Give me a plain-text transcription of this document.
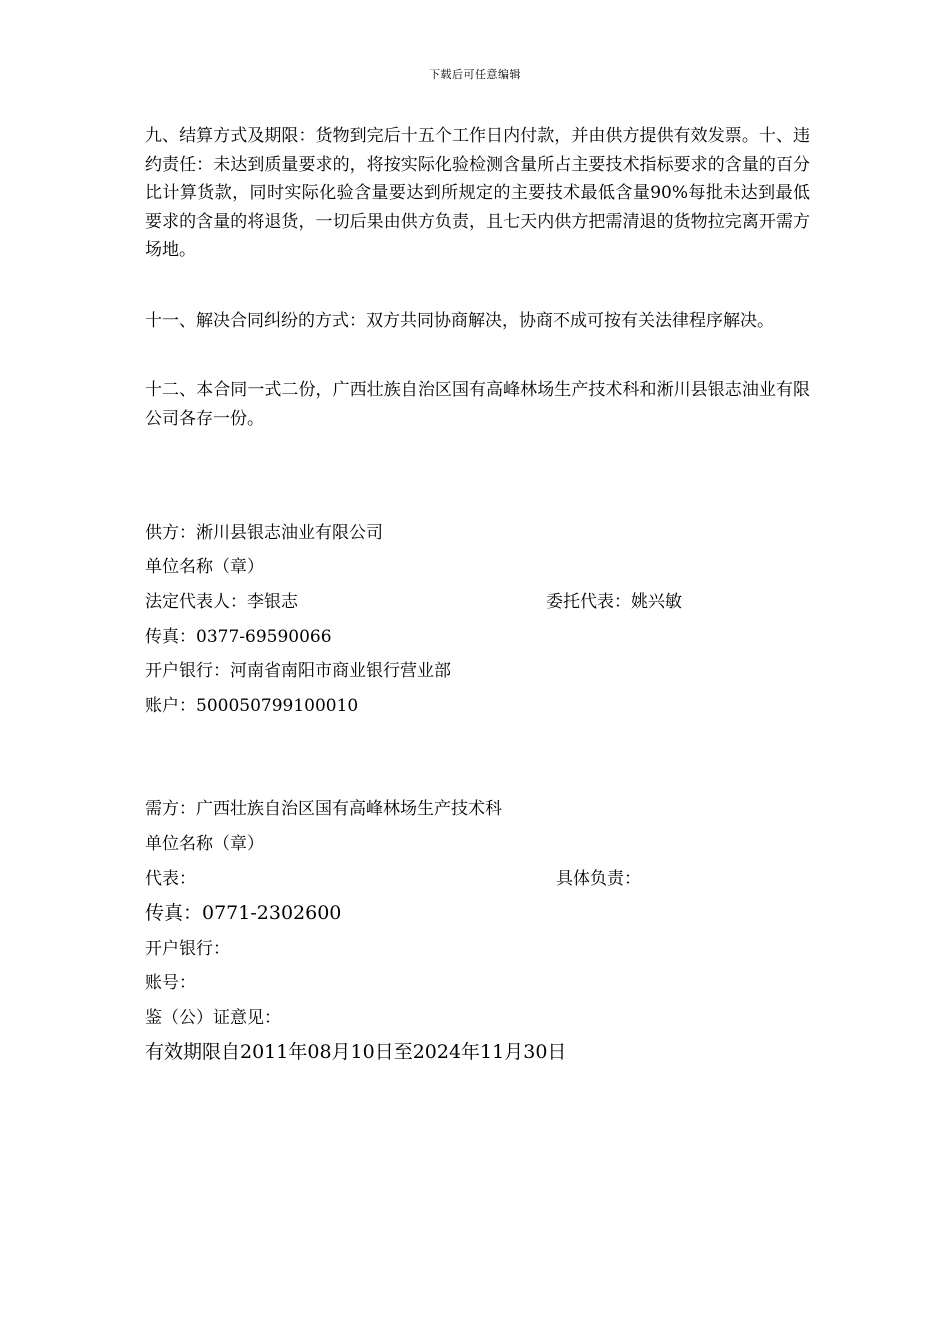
下载后可任意编辑

九、结算方式及期限：货物到完后十五个工作日内付款，并由供方提供有效发票。十、违约责任：未达到质量要求的，将按实际化验检测含量所占主要技术指标要求的含量的百分比计算货款，同时实际化验含量要达到所规定的主要技术最低含量90%每批未达到最低要求的含量的将退货，一切后果由供方负责，且七天内供方把需清退的货物拉完离开需方场地。

十一、解决合同纠纷的方式：双方共同协商解决，协商不成可按有关法律程序解决。

十二、本合同一式二份，广西壮族自治区国有高峰林场生产技术科和淅川县银志油业有限公司各存一份。

供方：淅川县银志油业有限公司
单位名称（章）
法定代表人：李银志	委托代表：姚兴敏
传真：0377-69590066
开户银行：河南省南阳市商业银行营业部
账户：500050799100010
需方：广西壮族自治区国有高峰林场生产技术科
单位名称（章）
代表：	具体负责：
传真：0771-2302600
开户银行：
账号：
鉴（公）证意见：
有效期限自2011年08月10日至2024年11月30日
